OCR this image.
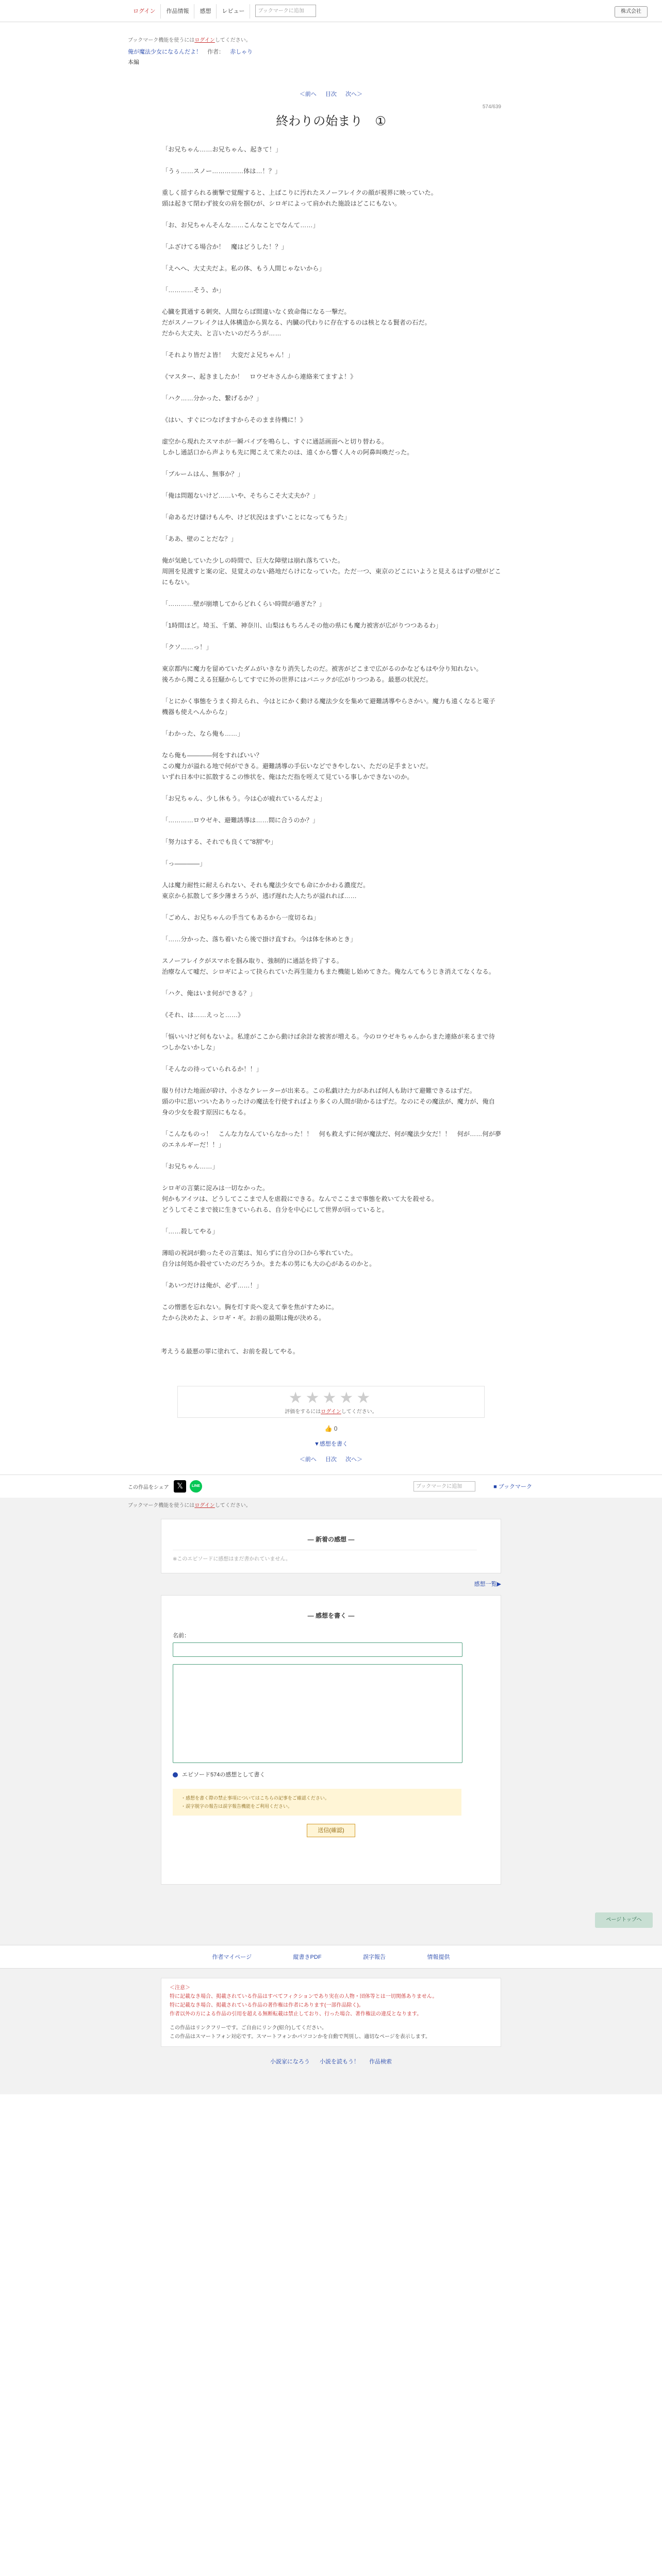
ログイン	作品情報	感想	レビュー	ブックマークに追加	株式会社
ブックマーク機能を使うにはログインしてください。
俺が魔法少女になるんだよ！ 作者： 赤しゃり
本編
＜前へ 目次 次へ＞
574/639
終わりの始まり　①

「お兄ちゃん……お兄ちゃん、起きて！」

「うぅ……スノー……………体は…！？」

重しく揺すられる衝撃で覚醒すると、上ばこりに汚れたスノーフレイクの顔が視界に映っていた。
頭は起きて閉わず彼女の肩を掴むが、シロギによって肩かれた施設はどこにもない。

「お、お兄ちゃんそんな……こんなことでなんて……」

「ふざけてる場合か！　魔はどうした！？」

「えへへ、大丈夫だよ。私の体、もう人間じゃないから」

「…………そう、か」

心臓を貫通する刺突、人間ならば間違いなく致命傷になる一撃だ。
だがスノーフレイクは人体構造から異なる、内臓の代わりに存在するのは核となる賢者の石だ。
だから大丈夫、と言いたいのだろうが……

「それより皆だよ皆！　大変だよ兄ちゃん！」

《マスター、起きましたか！　ロウゼキさんから連絡来てますよ！》

「ハク……分かった、繋げるか？」

《はい、すぐにつなげますからそのまま待機に！》

虚空から現れたスマホが一瞬バイブを鳴らし、すぐに通話画面へと切り替わる。
しかし通話口から声よりも先に聞こえて来たのは、遠くから響く人々の阿鼻叫喚だった。

「ブルームはん、無事か？」

「俺は問題ないけど……いや、そちらこそ大丈夫か？」

「命あるだけ儲けもんや、けど状況はまずいことになってもうた」

「ああ、壁のことだな？」

俺が気絶していた少しの時間で、巨大な障壁は崩れ落ちていた。
周囲を見渡すと案の定、見覚えのない路地だらけになっていた。ただ一つ、東京のどこにいようと見えるはずの壁がどこにもない。

「…………壁が崩壊してからどれくらい時間が過ぎた？」

「1時間ほど。埼玉、千葉、神奈川、山梨はもちろんその他の県にも魔力被害が広がりつつあるわ」

「クソ……っ！」

東京都内に魔力を留めていたダムがいきなり消失したのだ。被害がどこまで広がるのかなどもはや分り知れない。
後ろから聞こえる狂騒からしてすでに外の世界にはパニックが広がりつつある。最悪の状況だ。

「とにかく事態をうまく抑えられ、今はとにかく動ける魔法少女を集めて避難誘導やらさかい。魔力も遠くなると電子機器も使えへんからな」

「わかった、なら俺も……」

なら俺も――――何をすればいい？
この魔力が溢れる地で何ができる。避難誘導の手伝いなどできやしない、ただの足手まといだ。
いずれ日本中に拡散するこの惨状を、俺はただ指を咥えて見ている事しかできないのか。

「お兄ちゃん、少し休もう。今は心が疲れているんだよ」

「…………ロウゼキ、避難誘導は……間に合うのか？」

「努力はする、それでも良くて"8割"や」

「っ――――」

人は魔力耐性に耐えられない、それも魔法少女でも命にかかわる濃度だ。
東京から拡散して多少薄まろうが、逃げ遅れた人たちが溢れれば……

「ごめん、お兄ちゃんの手当てもあるから一度切るね」

「……分かった、落ち着いたら後で掛け直すわ。今は体を休めとき」

スノーフレイクがスマホを掴み取り、強制的に通話を終了する。
治療なんて嘘だ、シロギによって抉られていた再生能力もまた機能し始めてきた。俺なんてもうじき消えてなくなる。

「ハク、俺はいま何ができる？」

《それ、は……えっと……》

「悩いいけど何もないよ。私達がここから動けば余計な被害が増える。今のロウゼキちゃんからまた連絡が来るまで待つしかないかしな」

「そんなの待っていられるか！！」

服り付けた地面が砕け、小さなクレーターが出来る。この私戯けた力があれば何人も助けて避難できるはずだ。
頭の中に思いついたありったけの魔法を行使すればより多くの人間が助かるはずだ。なのにその魔法が、魔力が、俺自身の少女を殺す原因にもなる。

「こんなものっ！　こんな力なんていらなかった！！　何も救えずに何が魔法だ、何が魔法少女だ！！　何が……何が夢のエネルギーだ！！」

「お兄ちゃん……」

シロギの言葉に淀みは一切なかった。
何かもアイツは、どうしてここまで人を虐殺にできる。なんでここまで事態を救いて大を殺せる。
どうしてそこまで彼に生きていられる、自分を中心にして世界が回っていると。

「……殺してやる」

薄暗の祝詞が動ったその言葉は、知らずに自分の口から零れていた。
自分は何処か殺せていたのだろうか。また本の男にも大の心があるのかと。

「あいつだけは俺が、必ず……！」

この憎悪を忘れない。胸を灯す炎へ変えて拳を焦がすために。
たから決めたよ、シロギ・ギ。お前の最期は俺が決める。

考えうる最悪の罪に塗れて、お前を殺してやる。
ページトップへ
★★★★★
評価をするにはログインしてください。
👍 0
▼感想を書く
＜前へ 目次 次へ＞
この作品をシェア	𝕏	LINE	ブックマークに追加	■ ブックマーク
ブックマーク機能を使うにはログインしてください。
― 新着の感想 ―
※このエピソードに感想はまだ書かれていません。
感想一覧▶
― 感想を書く ―
名前：
エピソード574の感想として書く
・感想を書く際の禁止事項についてはこちらの記事をご確認ください。
・誤字脱字の報告は誤字報告機能をご利用ください。
送信(確認)
作者マイページ	縦書きPDF	誤字報告	情報提供
＜注意＞
特に記載なき場合、掲載されている作品はすべてフィクションであり実在の人物・団体等とは一切関係ありません。
特に記載なき場合、掲載されている作品の著作権は作者にあります(一部作品除く)。
作者以外の方による作品の引用を超える無断転載は禁止しており、行った場合、著作権法の違反となります。
この作品はリンクフリーです。ご自由にリンク(紹介)してください。
この作品はスマートフォン対応です。スマートフォンかパソコンかを自動で判別し、適切なページを表示します。
小説家になろう 小説を読もう！ 作品検索
